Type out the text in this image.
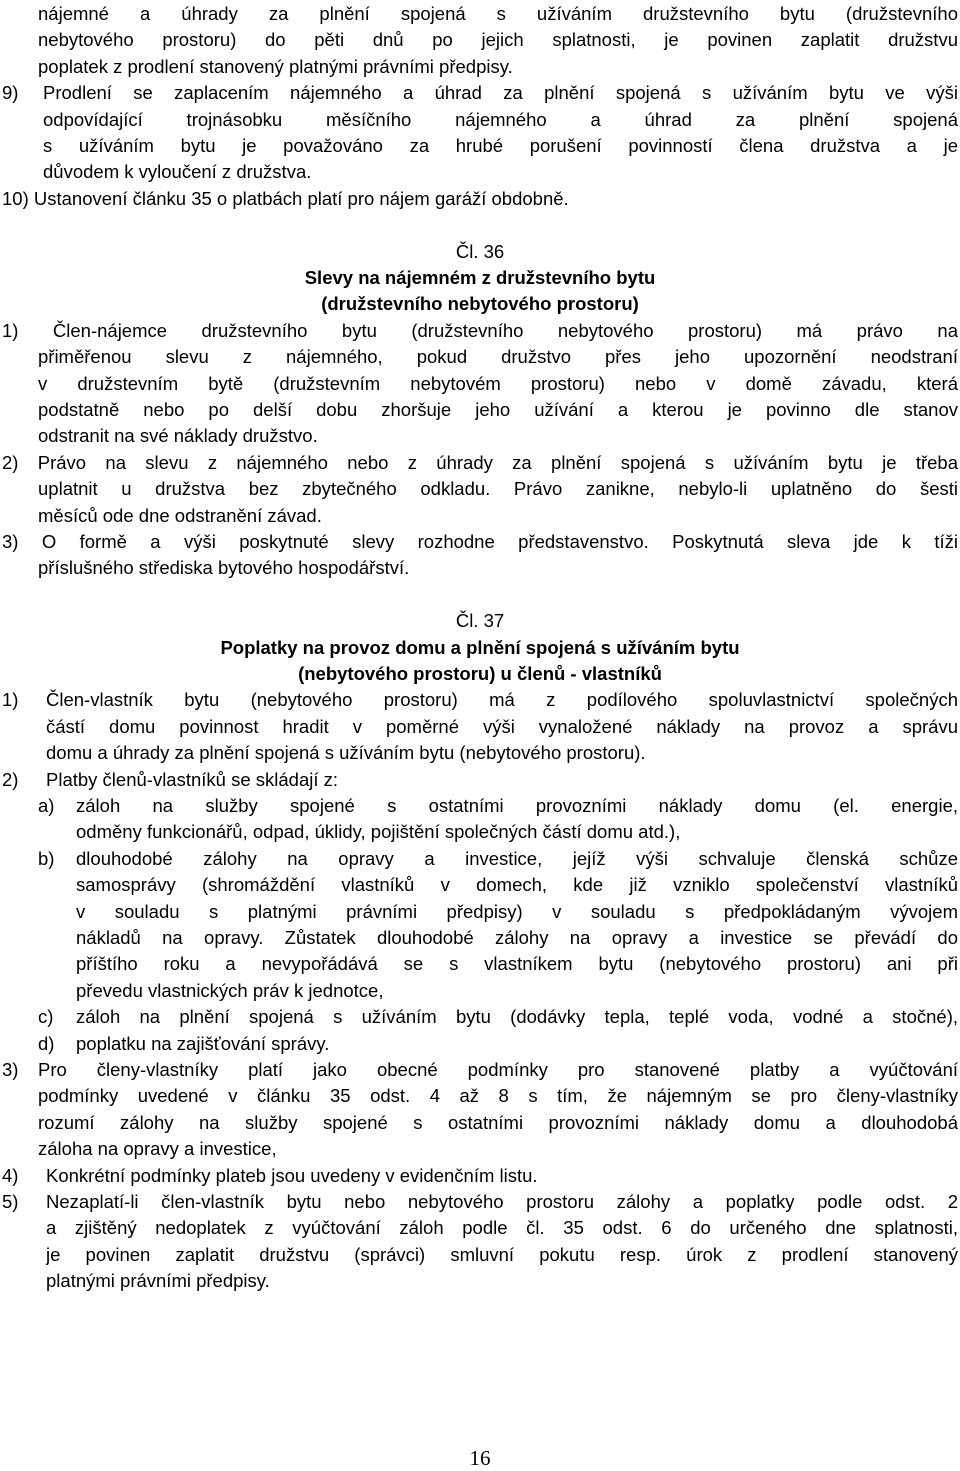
nájemné a úhrady za plnění spojená s užíváním družstevního bytu (družstevního
nebytového prostoru) do pěti dnů po jejich splatnosti, je povinen zaplatit družstvu
poplatek z prodlení stanovený platnými právními předpisy.
9)	Prodlení se zaplacením nájemného a úhrad za plnění spojená s užíváním bytu ve výši
odpovídající trojnásobku měsíčního nájemného a úhrad za plnění spojená
s užíváním bytu je považováno za hrubé porušení povinností člena družstva a je
důvodem k vyloučení z družstva.
10) Ustanovení článku 35 o platbách platí pro nájem garáží obdobně.
Čl. 36
Slevy na nájemném z družstevního bytu
(družstevního nebytového prostoru)
1) Člen-nájemce družstevního bytu (družstevního nebytového prostoru) má právo na
přiměřenou slevu z nájemného, pokud družstvo přes jeho upozornění neodstraní
v družstevním bytě (družstevním nebytovém prostoru) nebo v domě závadu, která
podstatně nebo po delší dobu zhoršuje jeho užívání a kterou je povinno dle stanov
odstranit na své náklady družstvo.
2) Právo na slevu z nájemného nebo z úhrady za plnění spojená s užíváním bytu je třeba
uplatnit u družstva bez zbytečného odkladu. Právo zanikne, nebylo-li uplatněno do šesti
měsíců ode dne odstranění závad.
3) O formě a výši poskytnuté slevy rozhodne představenstvo. Poskytnutá sleva jde k tíži
příslušného střediska bytového hospodářství.
Čl. 37
Poplatky na provoz domu a plnění spojená s užíváním bytu
(nebytového prostoru) u členů - vlastníků
1)	Člen-vlastník bytu (nebytového prostoru) má z podílového spoluvlastnictví společných
částí domu povinnost hradit v poměrné výši vynaložené náklady na provoz a správu
domu a úhrady za plnění spojená s užíváním bytu (nebytového prostoru).
2)	Platby členů-vlastníků se skládají z:
a) záloh na služby spojené s ostatními provozními náklady domu (el. energie,
odměny funkcionářů, odpad, úklidy, pojištění společných částí domu atd.),
b) dlouhodobé zálohy na opravy a investice, jejíž výši schvaluje členská schůze
samosprávy (shromáždění vlastníků v domech, kde již vzniklo společenství vlastníků
v souladu s platnými právními předpisy) v souladu s předpokládaným vývojem
nákladů na opravy. Zůstatek dlouhodobé zálohy na opravy a investice se převádí do
příštího roku a nevypořádává se s vlastníkem bytu (nebytového prostoru) ani při
převedu vlastnických práv k jednotce,
c)	záloh na plnění spojená s užíváním bytu (dodávky tepla, teplé voda, vodné a stočné),
d) poplatku na zajišťování správy.
3)	Pro členy-vlastníky platí jako obecné podmínky pro stanovené platby a vyúčtování
podmínky uvedené v článku 35 odst. 4 až 8 s tím, že nájemným se pro členy-vlastníky
rozumí zálohy na služby spojené s ostatními provozními náklady domu a dlouhodobá
záloha na opravy a investice,
4)	Konkrétní podmínky plateb jsou uvedeny v evidenčním listu.
5)	Nezaplatí-li člen-vlastník bytu nebo nebytového prostoru zálohy a poplatky podle odst. 2
a zjištěný nedoplatek z vyúčtování záloh podle čl. 35 odst. 6 do určeného dne splatnosti,
je povinen zaplatit družstvu (správci) smluvní pokutu resp. úrok z prodlení stanovený
platnými právními předpisy.
16
